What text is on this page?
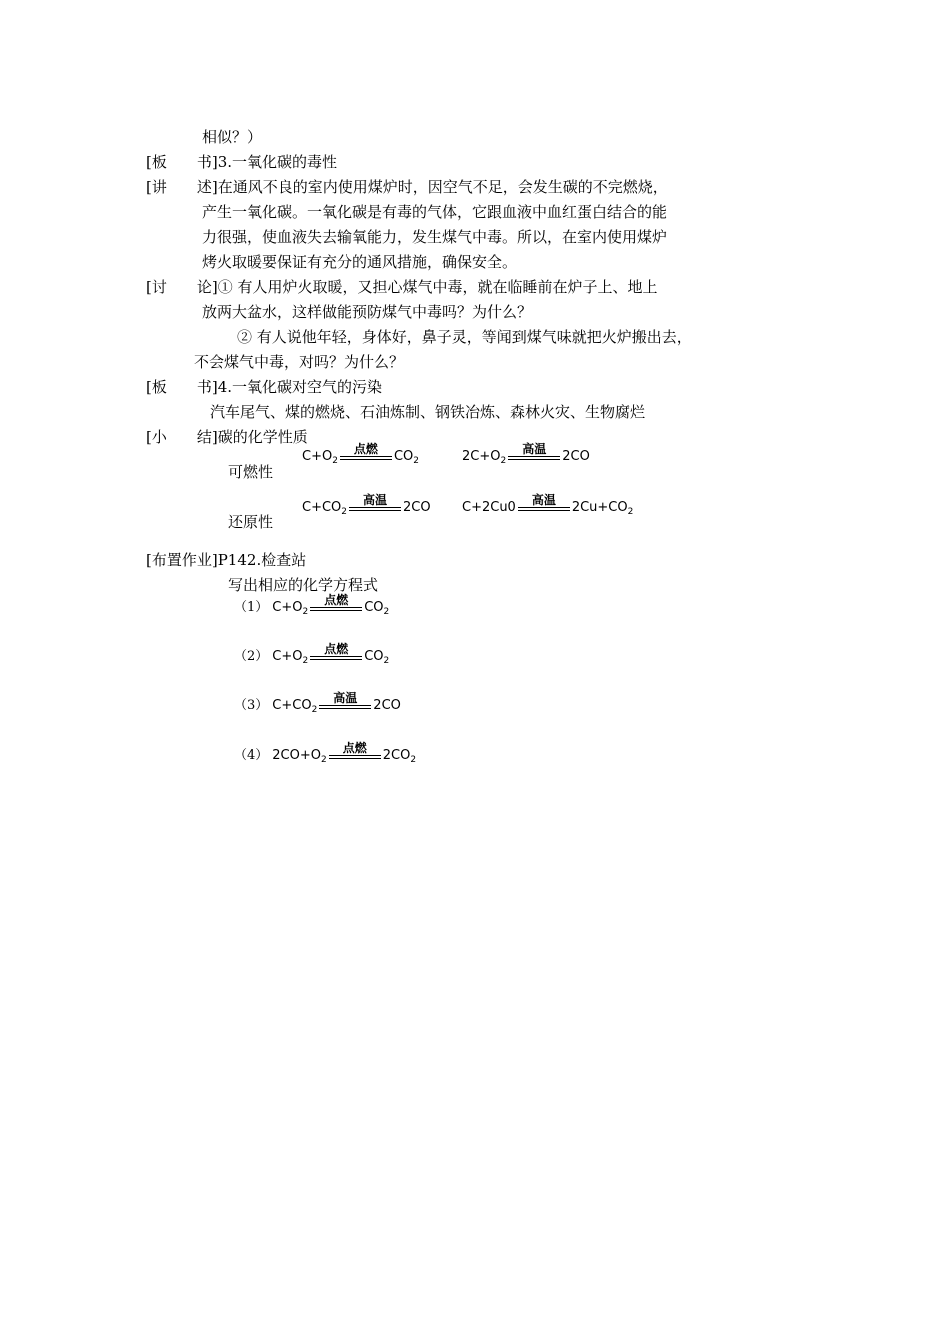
相似？）
[板　　书]3.一氧化碳的毒性
[讲　　述]在通风不良的室内使用煤炉时，因空气不足，会发生碳的不完燃烧，
产生一氧化碳。一氧化碳是有毒的气体，它跟血液中血红蛋白结合的能
力很强，使血液失去输氧能力，发生煤气中毒。所以，在室内使用煤炉
烤火取暖要保证有充分的通风措施，确保安全。
[讨　　论]① 有人用炉火取暖，又担心煤气中毒，就在临睡前在炉子上、地上
放两大盆水，这样做能预防煤气中毒吗？为什么？
② 有人说他年轻，身体好，鼻子灵，等闻到煤气味就把火炉搬出去，
不会煤气中毒，对吗？为什么？
[板　　书]4.一氧化碳对空气的污染
汽车尾气、煤的燃烧、石油炼制、钢铁冶炼、森林火灾、生物腐烂
[小　　结]碳的化学性质
可燃性
还原性
$C+O_2$
点燃	$CO_2$	$2C+O_2$
高温	2CO
$C+CO_2$
高温	2CO C+2Cu0	高温	$2Cu+CO_2$
[布置作业]P142.检查站
写出相应的化学方程式
（1） $C+O_2$
点燃	$CO_2$
（2） $C+O_2$
点燃	$CO_2$
（3） $C+CO_2$
高温	2CO
（4） $2CO+O_2$
点燃	$2CO_2$
